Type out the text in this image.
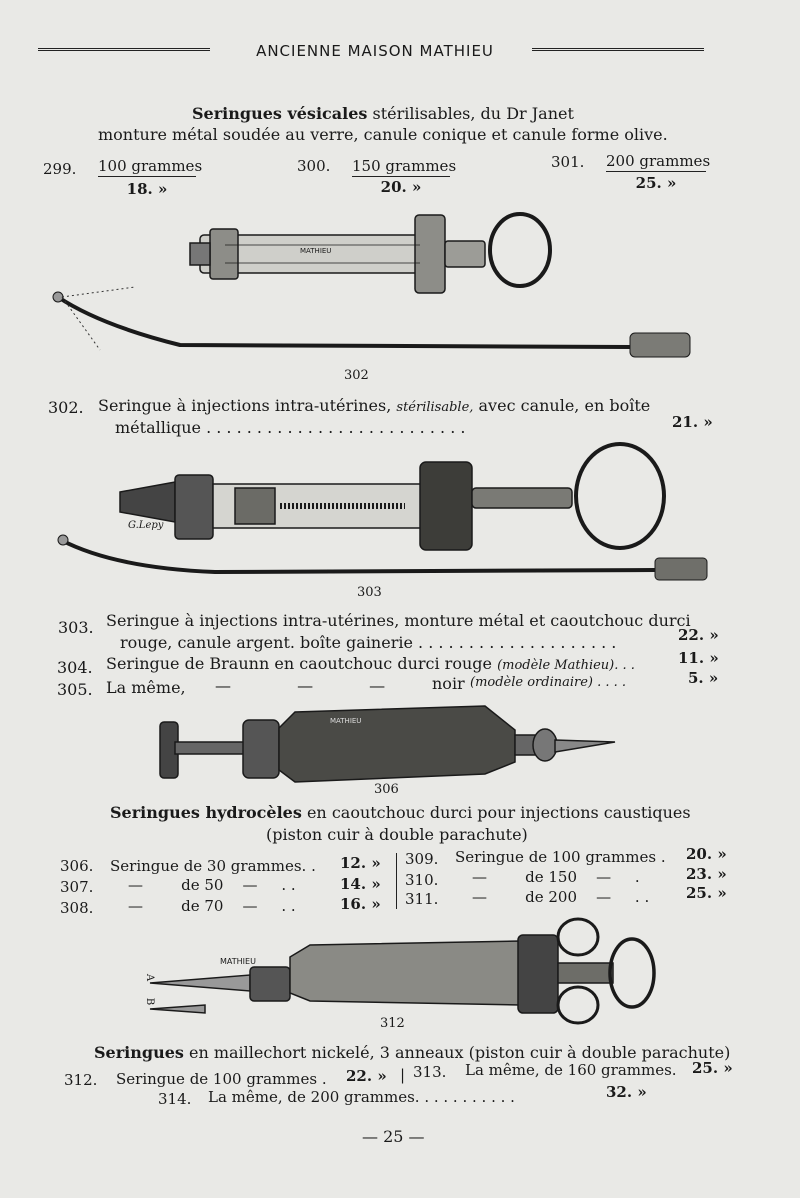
ANCIENNE MAISON MATHIEU
Seringues vésicales stérilisables, du Dr Janet
monture métal soudée au verre, canule conique et canule forme olive.
299. 100 grammes
18. »
300. 150 grammes
20. »
301. 200 grammes
25. »
302
MATHIEU
302. Seringue à injections intra-utérines, stérilisable, avec canule, en boîte
métallique . . . . . . . . . . . . . . . . . . . . . . . . . .	21. »
G.Lepy
303
303. Seringue à injections intra-utérines, monture métal et caoutchouc durci
rouge, canule argent. boîte gainerie . . . . . . . . . . . . . . . . . . . .	22. »
304. Seringue de Braunn en caoutchouc durci rouge (modèle Mathieu). . .	11. »
305. La même, —             —           —	noir (modèle ordinaire) . . . .	5. »
MATHIEU
306
Seringues hydrocèles en caoutchouc durci pour injections caustiques
(piston cuir à double parachute)
306. Seringue de 30 grammes. . 12. »
307. —        de 50    —     . .	14. »
308. —        de 70    —     . .	16. »
309. Seringue de 100 grammes . 20. »
310. —        de 150    —     .	23. »
311. —        de 200    —     . . 25. »
MATHIEU
A
B
312
Seringues en maillechort nickelé, 3 anneaux (piston cuir à double parachute)
312. Seringue de 100 grammes . 22. » | 313. La même, de 160 grammes. 25. »
314. La même, de 200 grammes. . . . . . . . . . .	32. »
— 25 —
